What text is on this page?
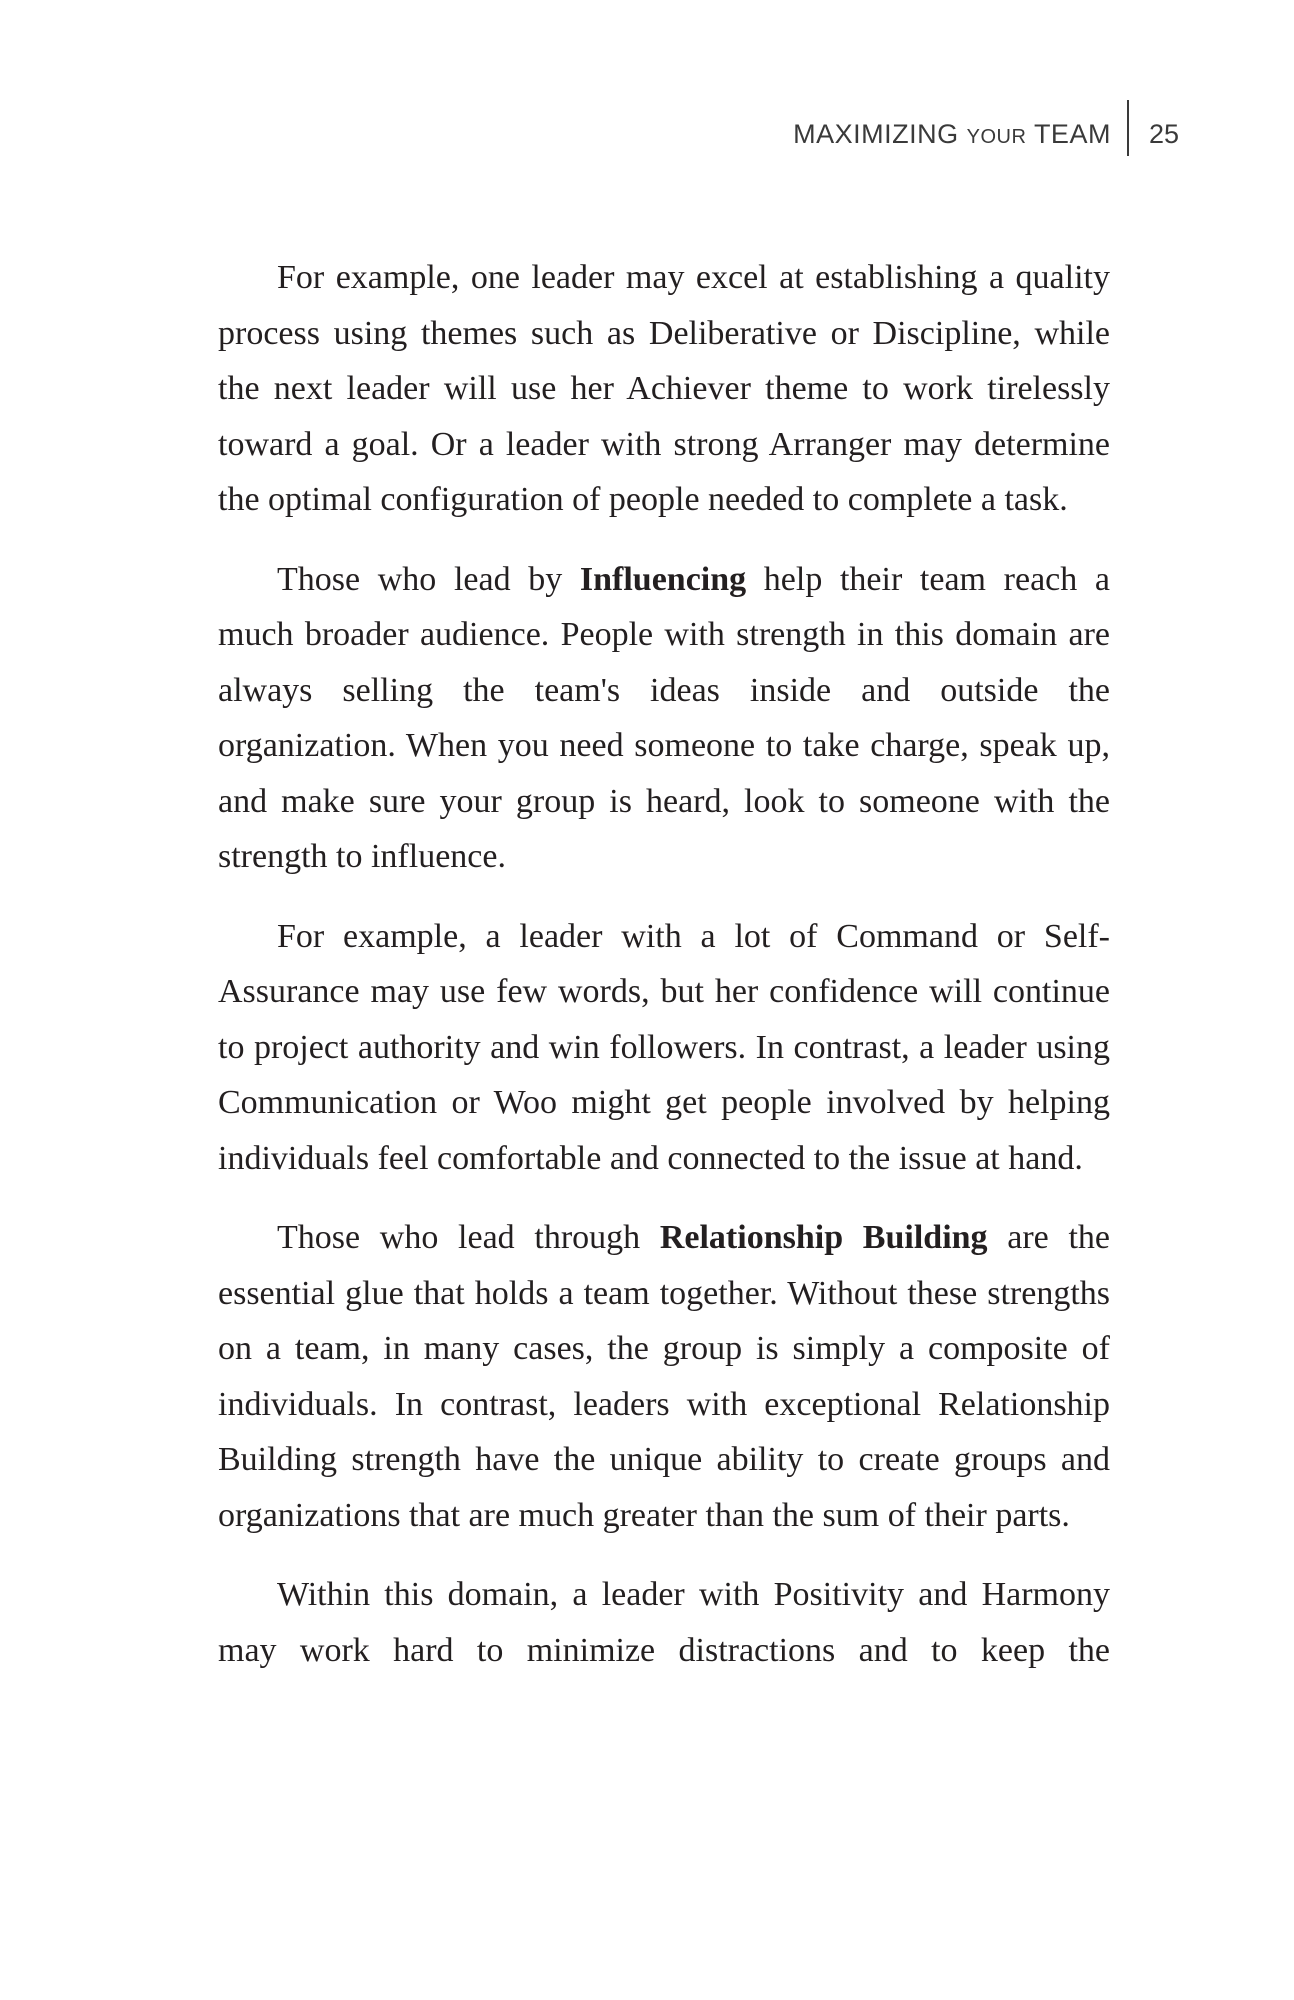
MAXIMIZING YOUR TEAM 25

For example, one leader may excel at establishing a quality process using themes such as Deliberative or Discipline, while the next leader will use her Achiever theme to work tirelessly toward a goal. Or a leader with strong Arranger may determine the optimal configuration of people needed to complete a task.

Those who lead by Influencing help their team reach a much broader audience. People with strength in this domain are always selling the team's ideas inside and outside the organization. When you need someone to take charge, speak up, and make sure your group is heard, look to someone with the strength to influence.

For example, a leader with a lot of Command or Self-Assurance may use few words, but her confidence will continue to project authority and win followers. In contrast, a leader using Communication or Woo might get people involved by helping individuals feel comfortable and connected to the issue at hand.

Those who lead through Relationship Building are the essential glue that holds a team together. Without these strengths on a team, in many cases, the group is simply a composite of individuals. In contrast, leaders with exceptional Relationship Building strength have the unique ability to create groups and organizations that are much greater than the sum of their parts.

Within this domain, a leader with Positivity and Harmony may work hard to minimize distractions and to keep the
